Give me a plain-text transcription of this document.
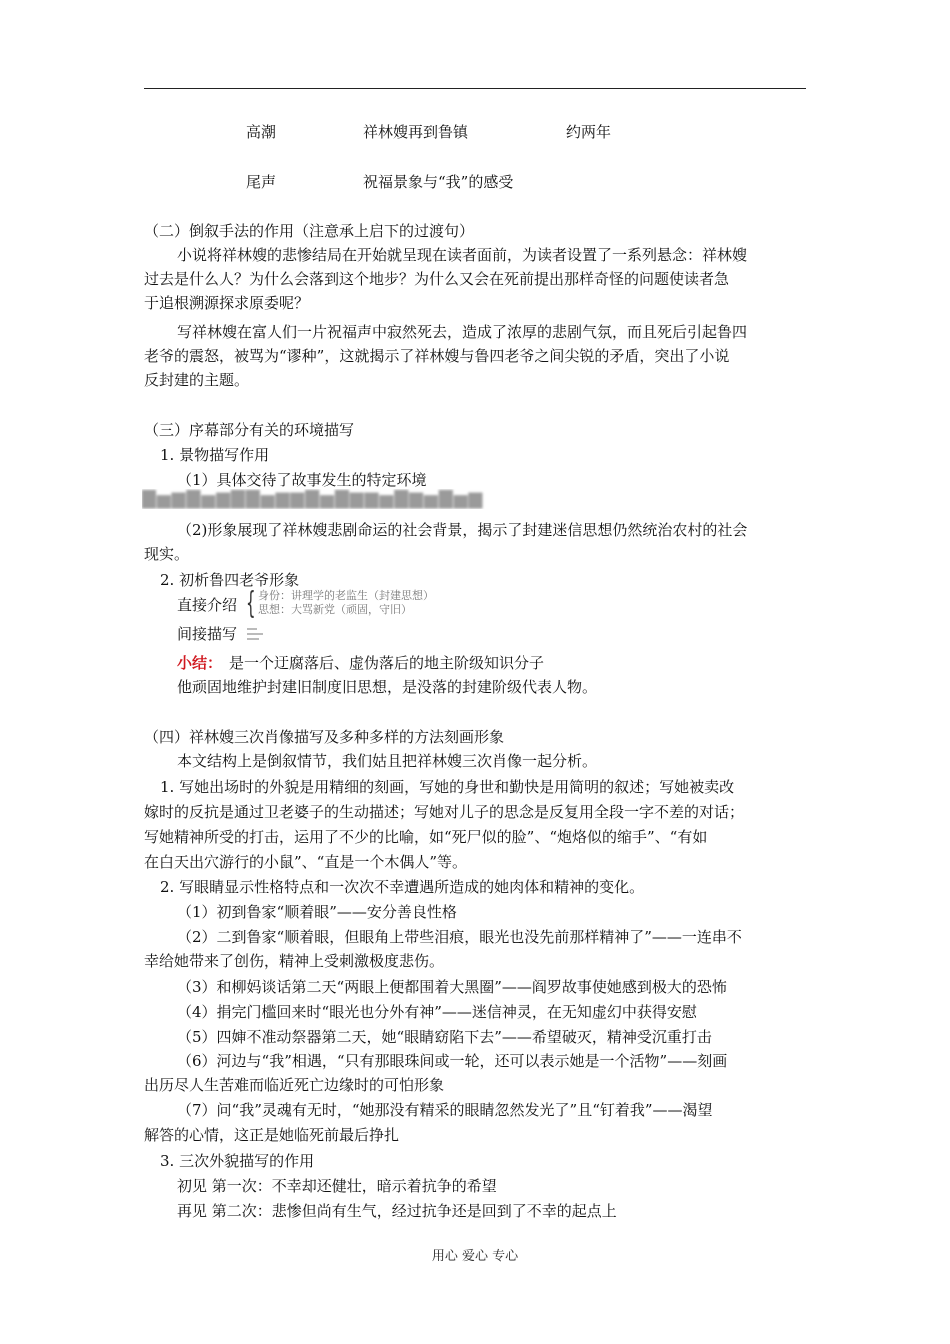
高潮	祥林嫂再到鲁镇	约两年
尾声	祝福景象与“我”的感受
（二）倒叙手法的作用（注意承上启下的过渡句）
小说将祥林嫂的悲惨结局在开始就呈现在读者面前，为读者设置了一系列悬念：祥林嫂
过去是什么人？为什么会落到这个地步？为什么又会在死前提出那样奇怪的问题使读者急
于追根溯源探求原委呢？
写祥林嫂在富人们一片祝福声中寂然死去，造成了浓厚的悲剧气氛，而且死后引起鲁四
老爷的震怒，被骂为“谬种”，这就揭示了祥林嫂与鲁四老爷之间尖锐的矛盾，突出了小说
反封建的主题。
（三）序幕部分有关的环境描写
1. 景物描写作用
（1）具体交待了故事发生的特定环境
▇▅▆▇▅▆▇▇▅▆▆▇▅▇▆▆▅▇▆▅▇▅▆
（2)形象展现了祥林嫂悲剧命运的社会背景，揭示了封建迷信思想仍然统治农村的社会
现实。
2. 初析鲁四老爷形象
直接介绍 { 身份：讲理学的老监生（封建思想）
思想：大骂新党（顽固，守旧）
间接描写
小结： 是一个迂腐落后、虚伪落后的地主阶级知识分子
他顽固地维护封建旧制度旧思想，是没落的封建阶级代表人物。
（四）祥林嫂三次肖像描写及多种多样的方法刻画形象
本文结构上是倒叙情节，我们姑且把祥林嫂三次肖像一起分析。
1. 写她出场时的外貌是用精细的刻画，写她的身世和勤快是用简明的叙述；写她被卖改
嫁时的反抗是通过卫老婆子的生动描述；写她对儿子的思念是反复用全段一字不差的对话；
写她精神所受的打击，运用了不少的比喻，如“死尸似的脸”、“炮烙似的缩手”、“有如
在白天出穴游行的小鼠”、“直是一个木偶人”等。
2. 写眼睛显示性格特点和一次次不幸遭遇所造成的她肉体和精神的变化。
（1）初到鲁家“顺着眼”——安分善良性格
（2）二到鲁家“顺着眼，但眼角上带些泪痕，眼光也没先前那样精神了”——一连串不
幸给她带来了创伤，精神上受刺激极度悲伤。
（3）和柳妈谈话第二天“两眼上便都围着大黑圈”——阎罗故事使她感到极大的恐怖
（4）捐完门槛回来时“眼光也分外有神”——迷信神灵，在无知虚幻中获得安慰
（5）四婶不准动祭器第二天，她“眼睛窈陷下去”——希望破灭，精神受沉重打击
（6）河边与“我”相遇，“只有那眼珠间或一轮，还可以表示她是一个活物”——刻画
出历尽人生苦难而临近死亡边缘时的可怕形象
（7）问“我”灵魂有无时，“她那没有精采的眼睛忽然发光了”且“钉着我”——渴望
解答的心情，这正是她临死前最后挣扎
3. 三次外貌描写的作用
初见 第一次：不幸却还健壮，暗示着抗争的希望
再见 第二次：悲惨但尚有生气，经过抗争还是回到了不幸的起点上
用心 爱心 专心
